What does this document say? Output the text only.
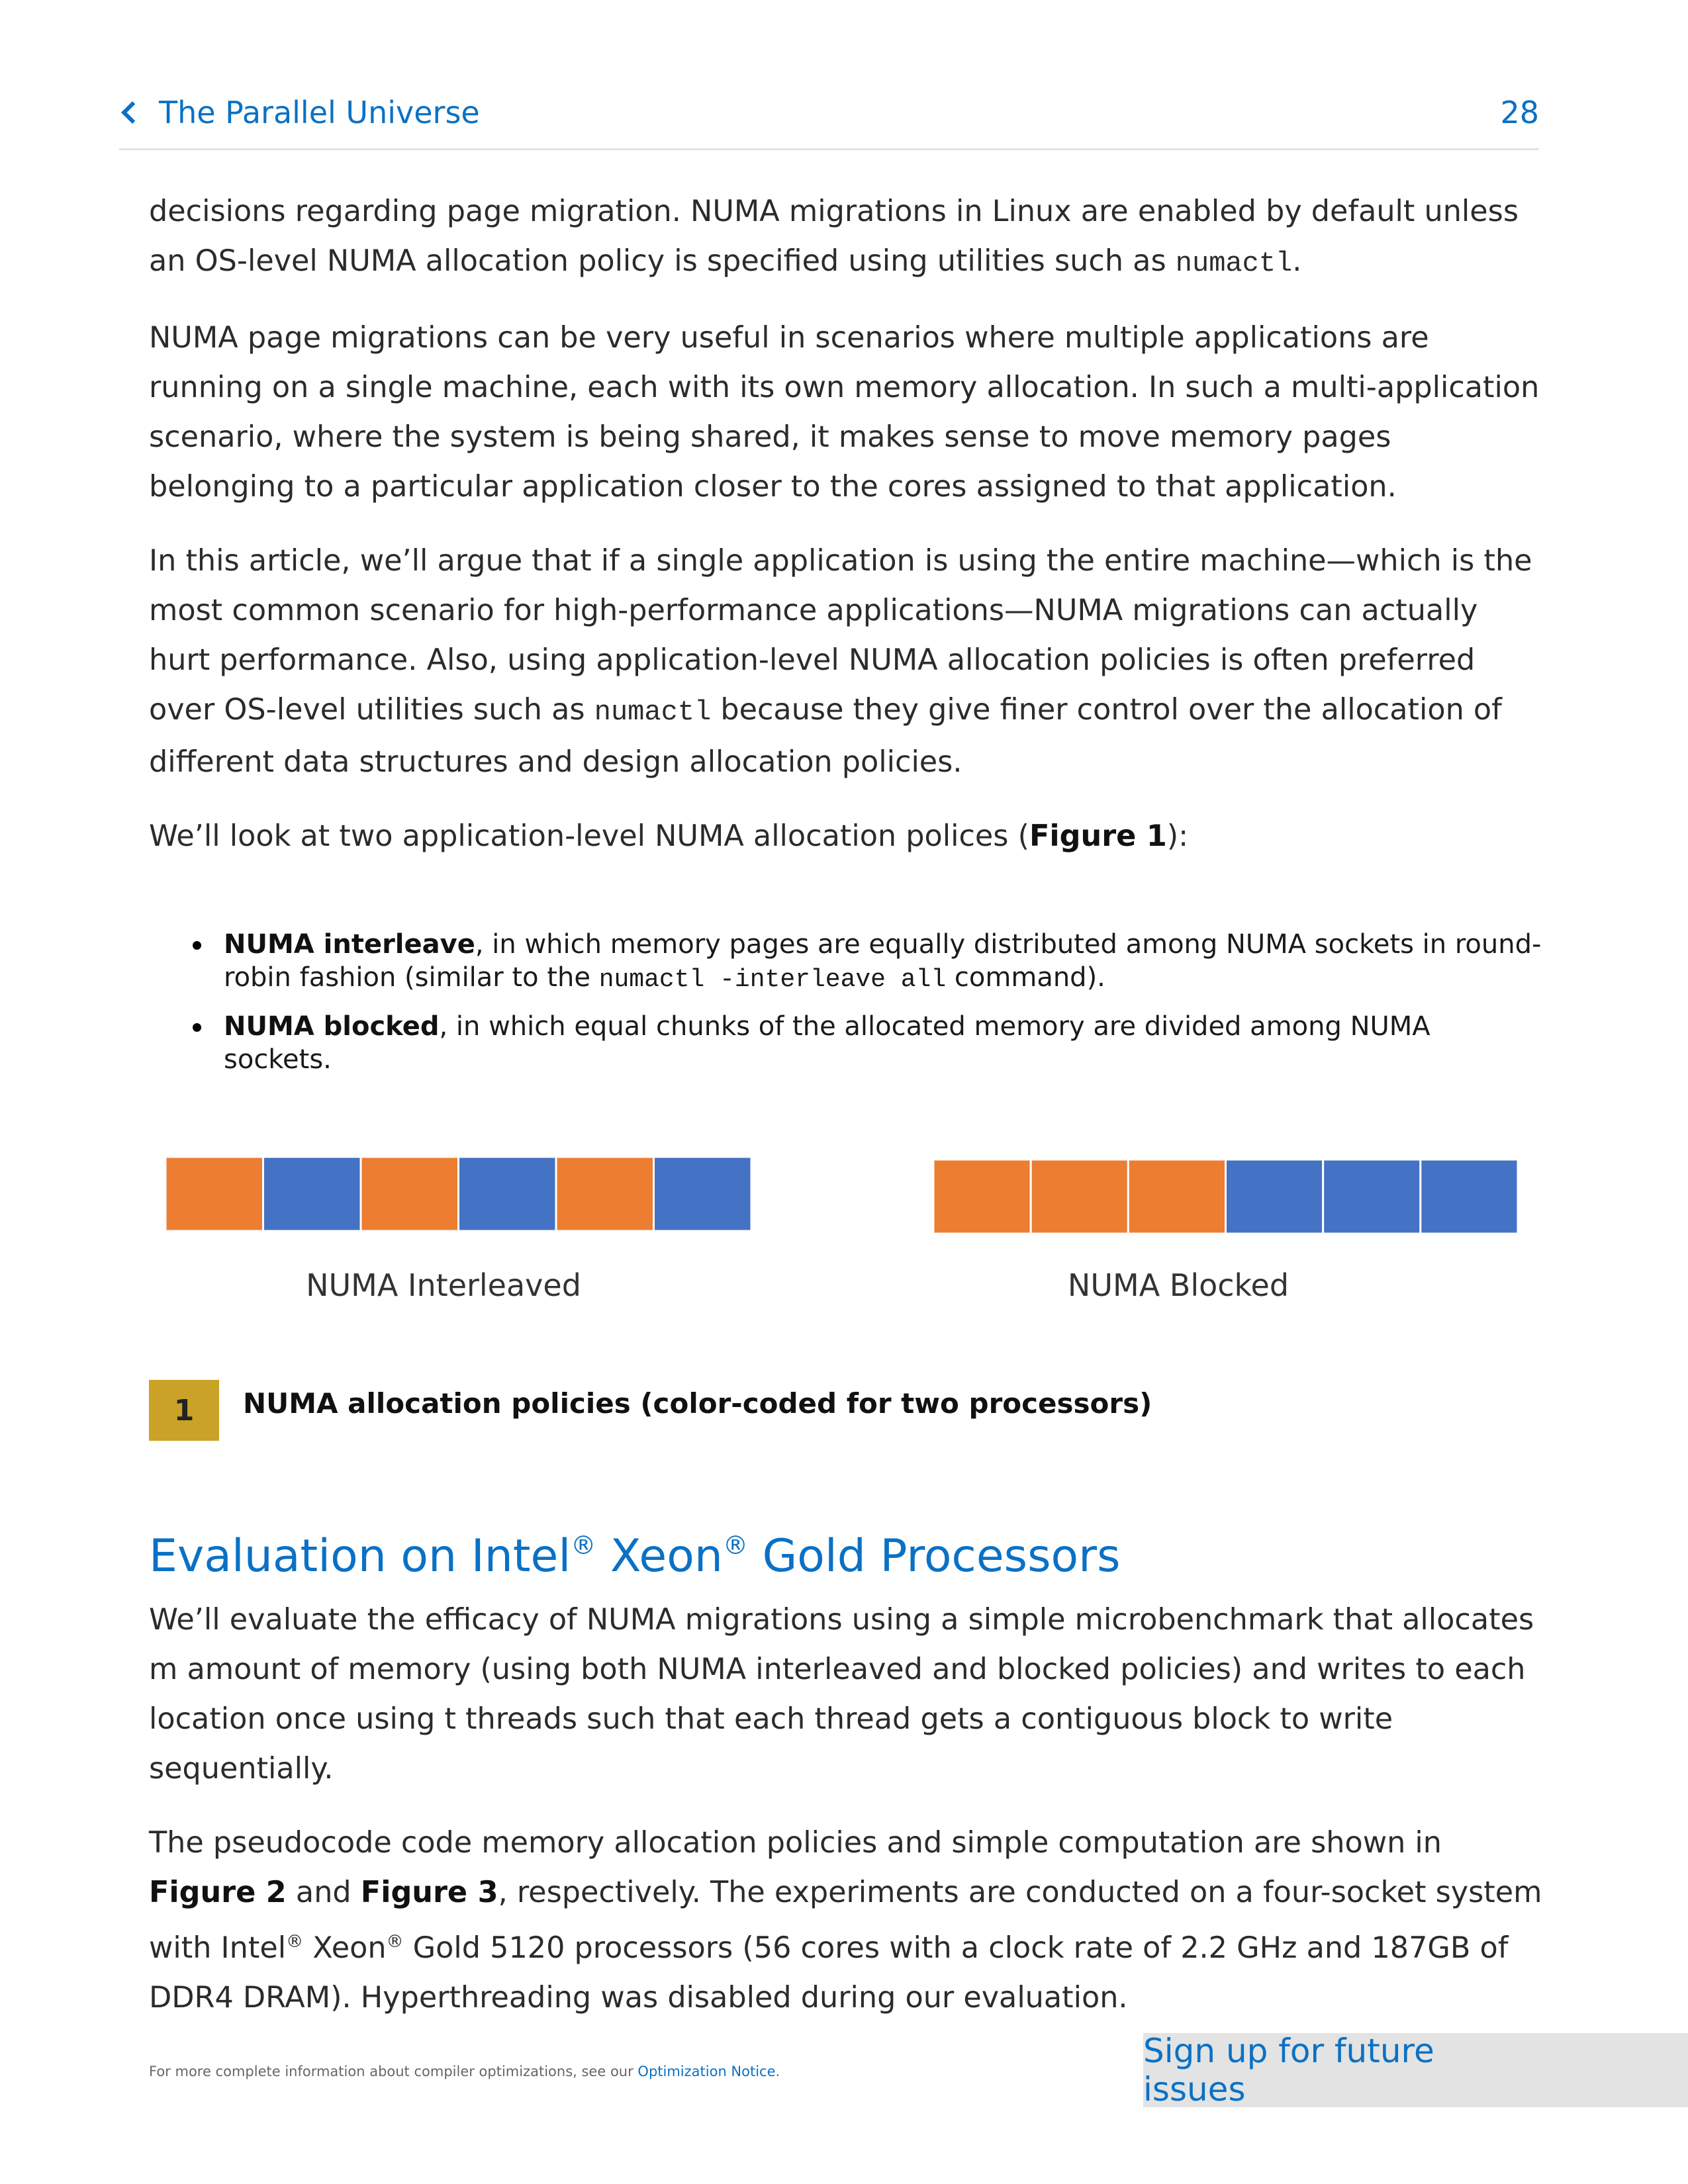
The Parallel Universe	28

decisions regarding page migration. NUMA migrations in Linux are enabled by default unless an OS-level NUMA allocation policy is specified using utilities such as numactl.

NUMA page migrations can be very useful in scenarios where multiple applications are running on a single machine, each with its own memory allocation. In such a multi-application scenario, where the system is being shared, it makes sense to move memory pages belonging to a particular application closer to the cores assigned to that application.

In this article, we’ll argue that if a single application is using the entire machine—which is the most common scenario for high-performance applications—NUMA migrations can actually hurt performance. Also, using application-level NUMA allocation policies is often preferred over OS-level utilities such as numactl because they give finer control over the allocation of different data structures and design allocation policies.

We’ll look at two application-level NUMA allocation polices (Figure 1):

NUMA interleave, in which memory pages are equally distributed among NUMA sockets in round-robin fashion (similar to the numactl -interleave all command).
NUMA blocked, in which equal chunks of the allocated memory are divided among NUMA sockets.
NUMA Interleaved	NUMA Blocked
1	NUMA allocation policies (color-coded for two processors)
Evaluation on Intel® Xeon® Gold Processors

We’ll evaluate the efficacy of NUMA migrations using a simple microbenchmark that allocates m amount of memory (using both NUMA interleaved and blocked policies) and writes to each location once using t threads such that each thread gets a contiguous block to write sequentially.

The pseudocode code memory allocation policies and simple computation are shown in Figure 2 and Figure 3, respectively. The experiments are conducted on a four-socket system with Intel® Xeon® Gold 5120 processors (56 cores with a clock rate of 2.2 GHz and 187GB of DDR4 DRAM). Hyperthreading was disabled during our evaluation.

For more complete information about compiler optimizations, see our Optimization Notice.
Sign up for future issues
